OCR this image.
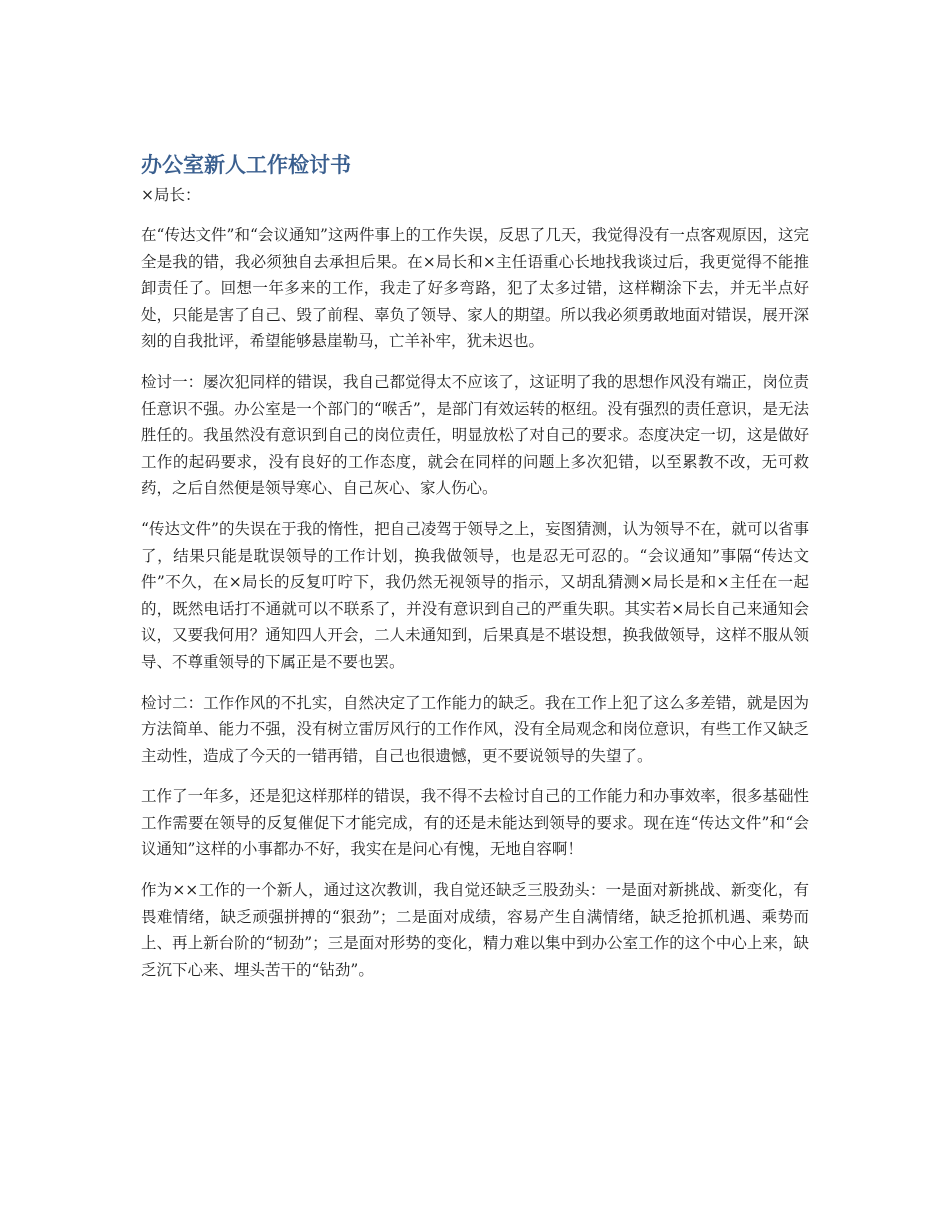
办公室新人工作检讨书
×局长：

在“传达文件”和“会议通知”这两件事上的工作失误，反思了几天，我觉得没有一点客观原因，这完全是我的错，我必须独自去承担后果。在×局长和×主任语重心长地找我谈过后，我更觉得不能推卸责任了。回想一年多来的工作，我走了好多弯路，犯了太多过错，这样糊涂下去，并无半点好处，只能是害了自己、毁了前程、辜负了领导、家人的期望。所以我必须勇敢地面对错误，展开深刻的自我批评，希望能够悬崖勒马，亡羊补牢，犹未迟也。

检讨一：屡次犯同样的错误，我自己都觉得太不应该了，这证明了我的思想作风没有端正，岗位责任意识不强。办公室是一个部门的“喉舌”，是部门有效运转的枢纽。没有强烈的责任意识，是无法胜任的。我虽然没有意识到自己的岗位责任，明显放松了对自己的要求。态度决定一切，这是做好工作的起码要求，没有良好的工作态度，就会在同样的问题上多次犯错，以至累教不改，无可救药，之后自然便是领导寒心、自己灰心、家人伤心。

“传达文件”的失误在于我的惰性，把自己凌驾于领导之上，妄图猜测，认为领导不在，就可以省事了，结果只能是耽误领导的工作计划，换我做领导，也是忍无可忍的。“会议通知”事隔“传达文件”不久，在×局长的反复叮咛下，我仍然无视领导的指示，又胡乱猜测×局长是和×主任在一起的，既然电话打不通就可以不联系了，并没有意识到自己的严重失职。其实若×局长自己来通知会议，又要我何用？通知四人开会，二人未通知到，后果真是不堪设想，换我做领导，这样不服从领导、不尊重领导的下属正是不要也罢。

检讨二：工作作风的不扎实，自然决定了工作能力的缺乏。我在工作上犯了这么多差错，就是因为方法简单、能力不强，没有树立雷厉风行的工作作风，没有全局观念和岗位意识，有些工作又缺乏主动性，造成了今天的一错再错，自己也很遗憾，更不要说领导的失望了。

工作了一年多，还是犯这样那样的错误，我不得不去检讨自己的工作能力和办事效率，很多基础性工作需要在领导的反复催促下才能完成，有的还是未能达到领导的要求。现在连“传达文件”和“会议通知”这样的小事都办不好，我实在是问心有愧，无地自容啊！

作为××工作的一个新人，通过这次教训，我自觉还缺乏三股劲头：一是面对新挑战、新变化，有畏难情绪，缺乏顽强拼搏的“狠劲”；二是面对成绩，容易产生自满情绪，缺乏抢抓机遇、乘势而上、再上新台阶的“韧劲”；三是面对形势的变化，精力难以集中到办公室工作的这个中心上来，缺乏沉下心来、埋头苦干的“钻劲”。
